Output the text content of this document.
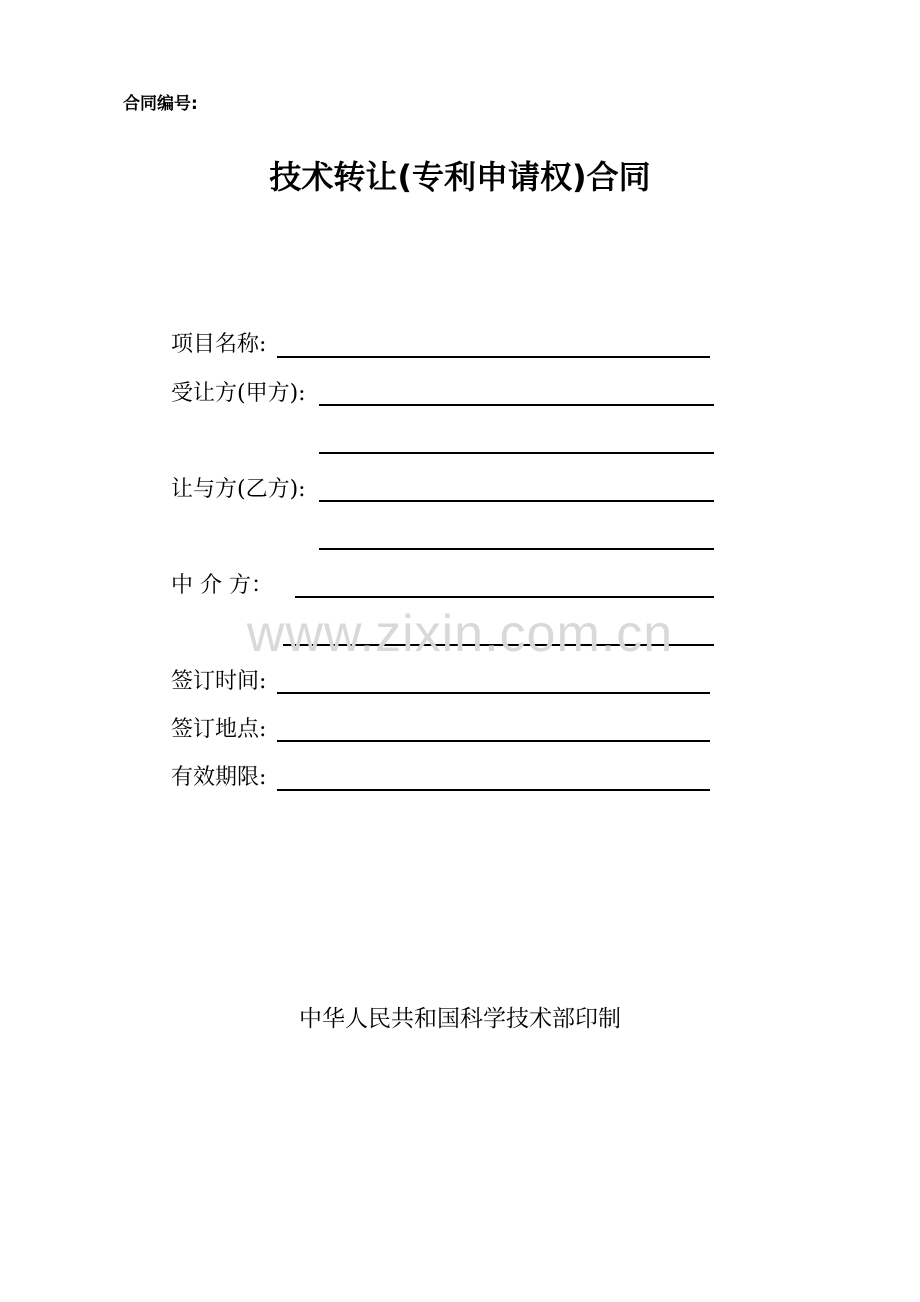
合同编号:
技术转让(专利申请权)合同
项目名称:
受让方(甲方):
让与方(乙方):
中 介 方：
签订时间:
签订地点:
有效期限:
www.zixin.com.cn
中华人民共和国科学技术部印制
